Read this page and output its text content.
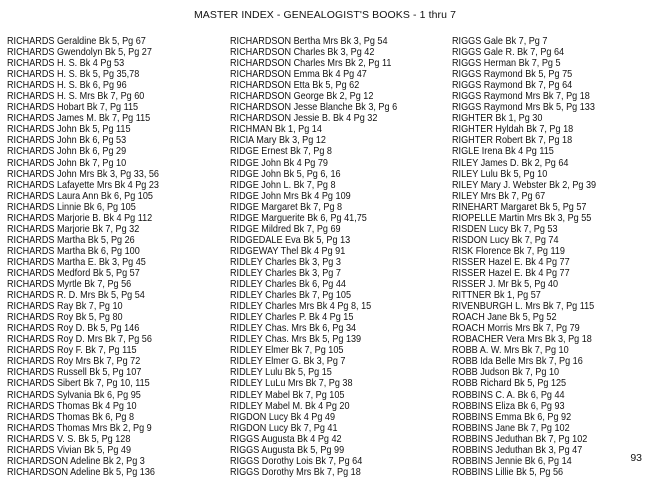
MASTER INDEX - GENEALOGIST'S BOOKS - 1 thru 7
RICHARDS Geraldine Bk 5, Pg 67
RICHARDS Gwendolyn Bk 5, Pg 27
RICHARDS H. S. Bk 4 Pg 53
RICHARDS H. S. Bk 5, Pg 35,78
RICHARDS H. S. Bk 6, Pg 96
RICHARDS H. S. Mrs Bk 7, Pg 60
RICHARDS Hobart Bk 7, Pg 115
RICHARDS James M. Bk 7, Pg 115
RICHARDS John Bk 5, Pg 115
RICHARDS John Bk 6, Pg 53
RICHARDS John Bk 6, Pg 29
RICHARDS John Bk 7, Pg 10
RICHARDS John Mrs Bk 3, Pg 33, 56
RICHARDS Lafayette Mrs Bk 4 Pg 23
RICHARDS Laura Ann Bk 6, Pg 105
RICHARDS Linnie Bk 6, Pg 105
RICHARDS Marjorie B. Bk 4 Pg 112
RICHARDS Marjorie Bk 7, Pg 32
RICHARDS Martha Bk 5, Pg 26
RICHARDS Martha Bk 6, Pg 100
RICHARDS Martha E. Bk 3, Pg 45
RICHARDS Medford Bk 5, Pg 57
RICHARDS Myrtle Bk 7, Pg 56
RICHARDS R. D. Mrs Bk 5, Pg 54
RICHARDS Ray Bk 7, Pg 10
RICHARDS Roy Bk 5, Pg 80
RICHARDS Roy D. Bk 5, Pg 146
RICHARDS Roy D. Mrs Bk 7, Pg 56
RICHARDS Roy F. Bk 7, Pg 115
RICHARDS Roy Mrs Bk 7, Pg 72
RICHARDS Russell Bk 5, Pg 107
RICHARDS Sibert Bk 7, Pg 10, 115
RICHARDS Sylvania Bk 6, Pg 95
RICHARDS Thomas Bk 4 Pg 10
RICHARDS Thomas Bk 6, Pg 8
RICHARDS Thomas Mrs Bk 2, Pg 9
RICHARDS V. S. Bk 5, Pg 128
RICHARDS Vivian Bk 5, Pg 49
RICHARDSON Adeline Bk 2, Pg 3
RICHARDSON Adeline Bk 5, Pg 136
RICHARDSON Bertha Mrs Bk 3, Pg 54
RICHARDSON Charles Bk 3, Pg 42
RICHARDSON Charles Mrs Bk 2, Pg 11
RICHARDSON Emma Bk 4 Pg 47
RICHARDSON Etta Bk 5, Pg 62
RICHARDSON George Bk 2, Pg 12
RICHARDSON Jesse Blanche Bk 3, Pg 6
RICHARDSON Jessie B. Bk 4 Pg 32
RICHMAN Bk 1, Pg 14
RICIA Mary Bk 3, Pg 12
RIDGE Ernest Bk 7, Pg 8
RIDGE John Bk 4 Pg 79
RIDGE John Bk 5, Pg 6, 16
RIDGE John L. Bk 7, Pg 8
RIDGE John Mrs Bk 4 Pg 109
RIDGE Margaret Bk 7, Pg 8
RIDGE Marguerite Bk 6, Pg 41,75
RIDGE Mildred Bk 7, Pg 69
RIDGEDALE Eva Bk 5, Pg 13
RIDGEWAY Thel Bk 4 Pg 91
RIDLEY Charles Bk 3, Pg 3
RIDLEY Charles Bk 3, Pg 7
RIDLEY Charles Bk 6, Pg 44
RIDLEY Charles Bk 7, Pg 105
RIDLEY Charles Mrs Bk 4 Pg 8, 15
RIDLEY Charles P. Bk 4 Pg 15
RIDLEY Chas. Mrs Bk 6, Pg 34
RIDLEY Chas. Mrs Bk 5, Pg 139
RIDLEY Elmer Bk 7, Pg 105
RIDLEY Elmer G. Bk 3, Pg 7
RIDLEY Lulu Bk 5, Pg 15
RIDLEY LuLu Mrs Bk 7, Pg 38
RIDLEY Mabel Bk 7, Pg 105
RIDLEY Mabel M. Bk 4 Pg 20
RIGDON Lucy Bk 4 Pg 49
RIGDON Lucy Bk 7, Pg 41
RIGGS Augusta Bk 4 Pg 42
RIGGS Augusta Bk 5, Pg 99
RIGGS Dorothy Lois Bk 7, Pg 64
RIGGS Dorothy Mrs Bk 7, Pg 18
RIGGS Gale Bk 7, Pg 7
RIGGS Gale R. Bk 7, Pg 64
RIGGS Herman Bk 7, Pg 5
RIGGS Raymond Bk 5, Pg 75
RIGGS Raymond Bk 7, Pg 64
RIGGS Raymond Mrs Bk 7, Pg 18
RIGGS Raymond Mrs Bk 5, Pg 133
RIGHTER Bk 1, Pg 30
RIGHTER Hyldah Bk 7, Pg 18
RIGHTER Robert Bk 7, Pg 18
RIGLE Irena Bk 4 Pg 115
RILEY James D. Bk 2, Pg 64
RILEY Lulu Bk 5, Pg 10
RILEY Mary J. Webster Bk 2, Pg 39
RILEY Mrs Bk 7, Pg 67
RINEHART Margaret Bk 5, Pg 57
RIOPELLE Martin Mrs Bk 3, Pg 55
RISDEN Lucy Bk 7, Pg 53
RISDON Lucy Bk 7, Pg 74
RISK Florence Bk 7, Pg 119
RISSER Hazel E. Bk 4 Pg 77
RISSER Hazel E. Bk 4 Pg 77
RISSER J. Mr Bk 5, Pg 40
RITTNER Bk 1, Pg 57
RIVENBURGH L. Mrs Bk 7, Pg 115
ROACH Jane Bk 5, Pg 52
ROACH Morris Mrs Bk 7, Pg 79
ROBACHER Vera Mrs Bk 3, Pg 18
ROBB A. W. Mrs Bk 7, Pg 10
ROBB Ida Belle Mrs Bk 7, Pg 16
ROBB Judson Bk 7, Pg 10
ROBB Richard Bk 5, Pg 125
ROBBINS C. A. Bk 6, Pg 44
ROBBINS Eliza Bk 6, Pg 93
ROBBINS Emma Bk 6, Pg 92
ROBBINS Jane Bk 7, Pg 102
ROBBINS Jeduthan Bk 7, Pg 102
ROBBINS Jeduthan Bk 3, Pg 47
ROBBINS Jennie Bk 6, Pg 14
ROBBINS Lillie Bk 5, Pg 56
93
